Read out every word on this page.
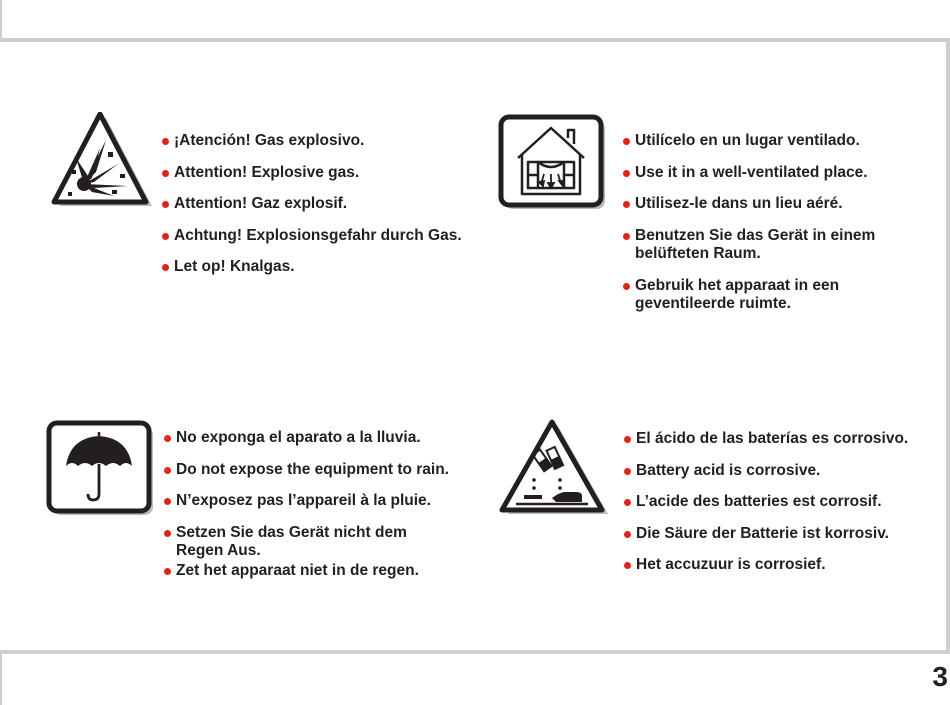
¡Atención! Gas explosivo.
Attention! Explosive gas.
Attention! Gaz explosif.
Achtung! Explosionsgefahr durch Gas.
Let op! Knalgas.
Utilícelo en un lugar ventilado.
Use it in a well-ventilated place.
Utilisez-le dans un lieu aéré.
Benutzen Sie das Gerät in einem belüfteten Raum.
Gebruik het apparaat in een geventileerde ruimte.
No exponga el aparato a la lluvia.
Do not expose the equipment to rain.
N’exposez pas l’appareil à la pluie.
Setzen Sie das Gerät nicht dem Regen Aus.
Zet het apparaat niet in de regen.
El ácido de las baterías es corrosivo.
Battery acid is corrosive.
L’acide des batteries est corrosif.
Die Säure der Batterie ist korrosiv.
Het accuzuur is corrosief.
3
